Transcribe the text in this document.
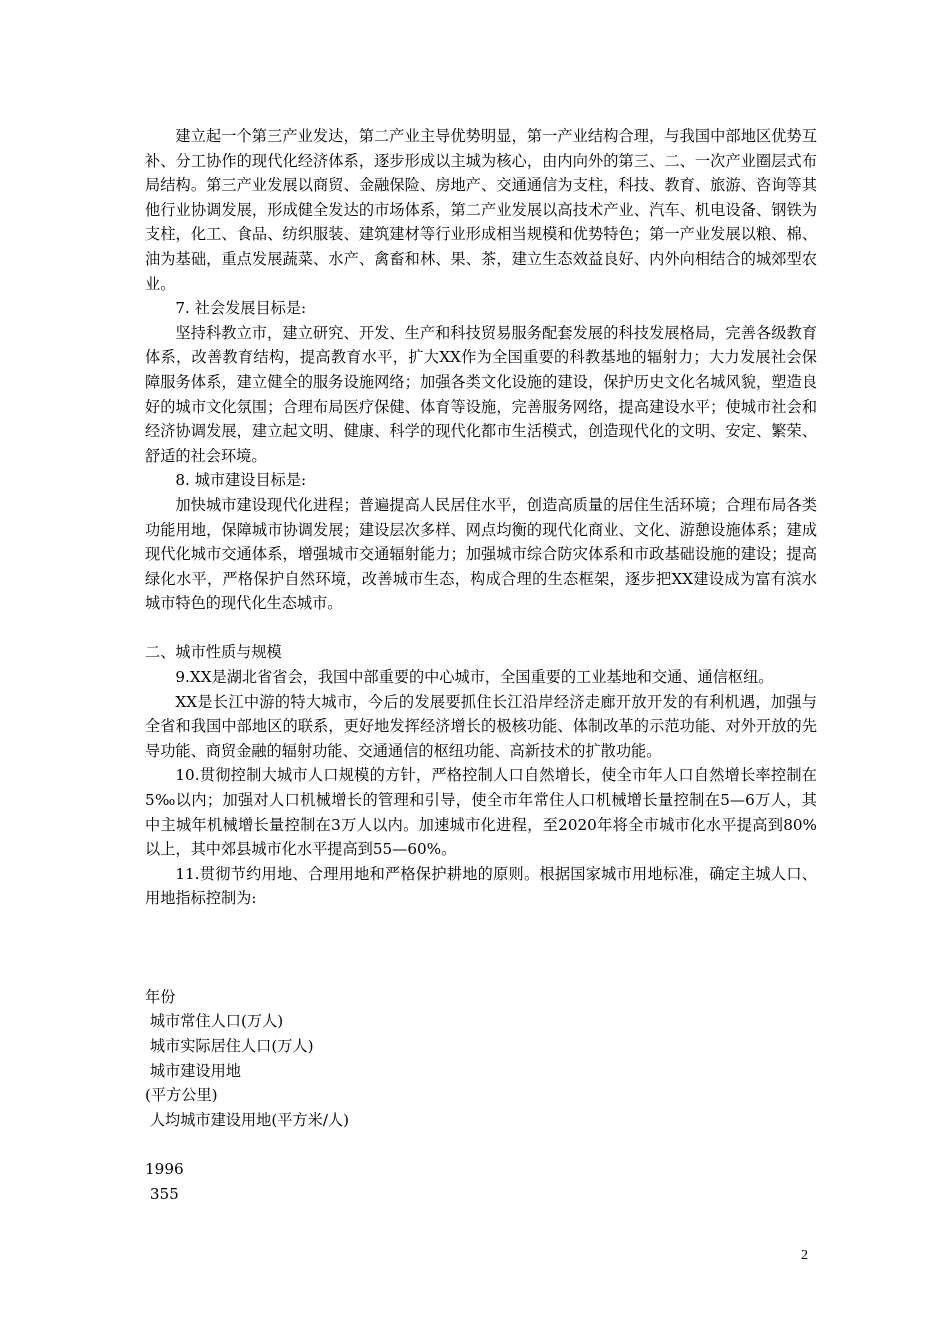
建立起一个第三产业发达，第二产业主导优势明显，第一产业结构合理，与我国中部地区优势互补、分工协作的现代化经济体系，逐步形成以主城为核心，由内向外的第三、二、一次产业圈层式布局结构。第三产业发展以商贸、金融保险、房地产、交通通信为支柱，科技、教育、旅游、咨询等其他行业协调发展，形成健全发达的市场体系，第二产业发展以高技术产业、汽车、机电设备、钢铁为支柱，化工、食品、纺织服装、建筑建材等行业形成相当规模和优势特色；第一产业发展以粮、棉、油为基础，重点发展蔬菜、水产、禽畜和林、果、茶，建立生态效益良好、内外向相结合的城郊型农业。

7. 社会发展目标是:

坚持科教立市，建立研究、开发、生产和科技贸易服务配套发展的科技发展格局，完善各级教育体系，改善教育结构，提高教育水平，扩大XX作为全国重要的科教基地的辐射力；大力发展社会保障服务体系，建立健全的服务设施网络；加强各类文化设施的建设，保护历史文化名城风貌，塑造良好的城市文化氛围；合理布局医疗保健、体育等设施，完善服务网络，提高建设水平；使城市社会和经济协调发展，建立起文明、健康、科学的现代化都市生活模式，创造现代化的文明、安定、繁荣、舒适的社会环境。

8. 城市建设目标是:

加快城市建设现代化进程；普遍提高人民居住水平，创造高质量的居住生活环境；合理布局各类功能用地，保障城市协调发展；建设层次多样、网点均衡的现代化商业、文化、游憩设施体系；建成现代化城市交通体系，增强城市交通辐射能力；加强城市综合防灾体系和市政基础设施的建设；提高绿化水平，严格保护自然环境，改善城市生态，构成合理的生态框架，逐步把XX建设成为富有滨水城市特色的现代化生态城市。

二、城市性质与规模

9.XX是湖北省省会，我国中部重要的中心城市，全国重要的工业基地和交通、通信枢纽。

XX是长江中游的特大城市，今后的发展要抓住长江沿岸经济走廊开放开发的有利机遇，加强与全省和我国中部地区的联系，更好地发挥经济增长的极核功能、体制改革的示范功能、对外开放的先导功能、商贸金融的辐射功能、交通通信的枢纽功能、高新技术的扩散功能。

10.贯彻控制大城市人口规模的方针，严格控制人口自然增长，使全市年人口自然增长率控制在5‰以内；加强对人口机械增长的管理和引导，使全市年常住人口机械增长量控制在5—6万人，其中主城年机械增长量控制在3万人以内。加速城市化进程，至2020年将全市城市化水平提高到80%以上，其中郊县城市化水平提高到55—60%。

11.贯彻节约用地、合理用地和严格保护耕地的原则。根据国家城市用地标准，确定主城人口、用地指标控制为:

年份

城市常住人口(万人)

城市实际居住人口(万人)

城市建设用地

(平方公里)

人均城市建设用地(平方米/人)

1996

355

2
